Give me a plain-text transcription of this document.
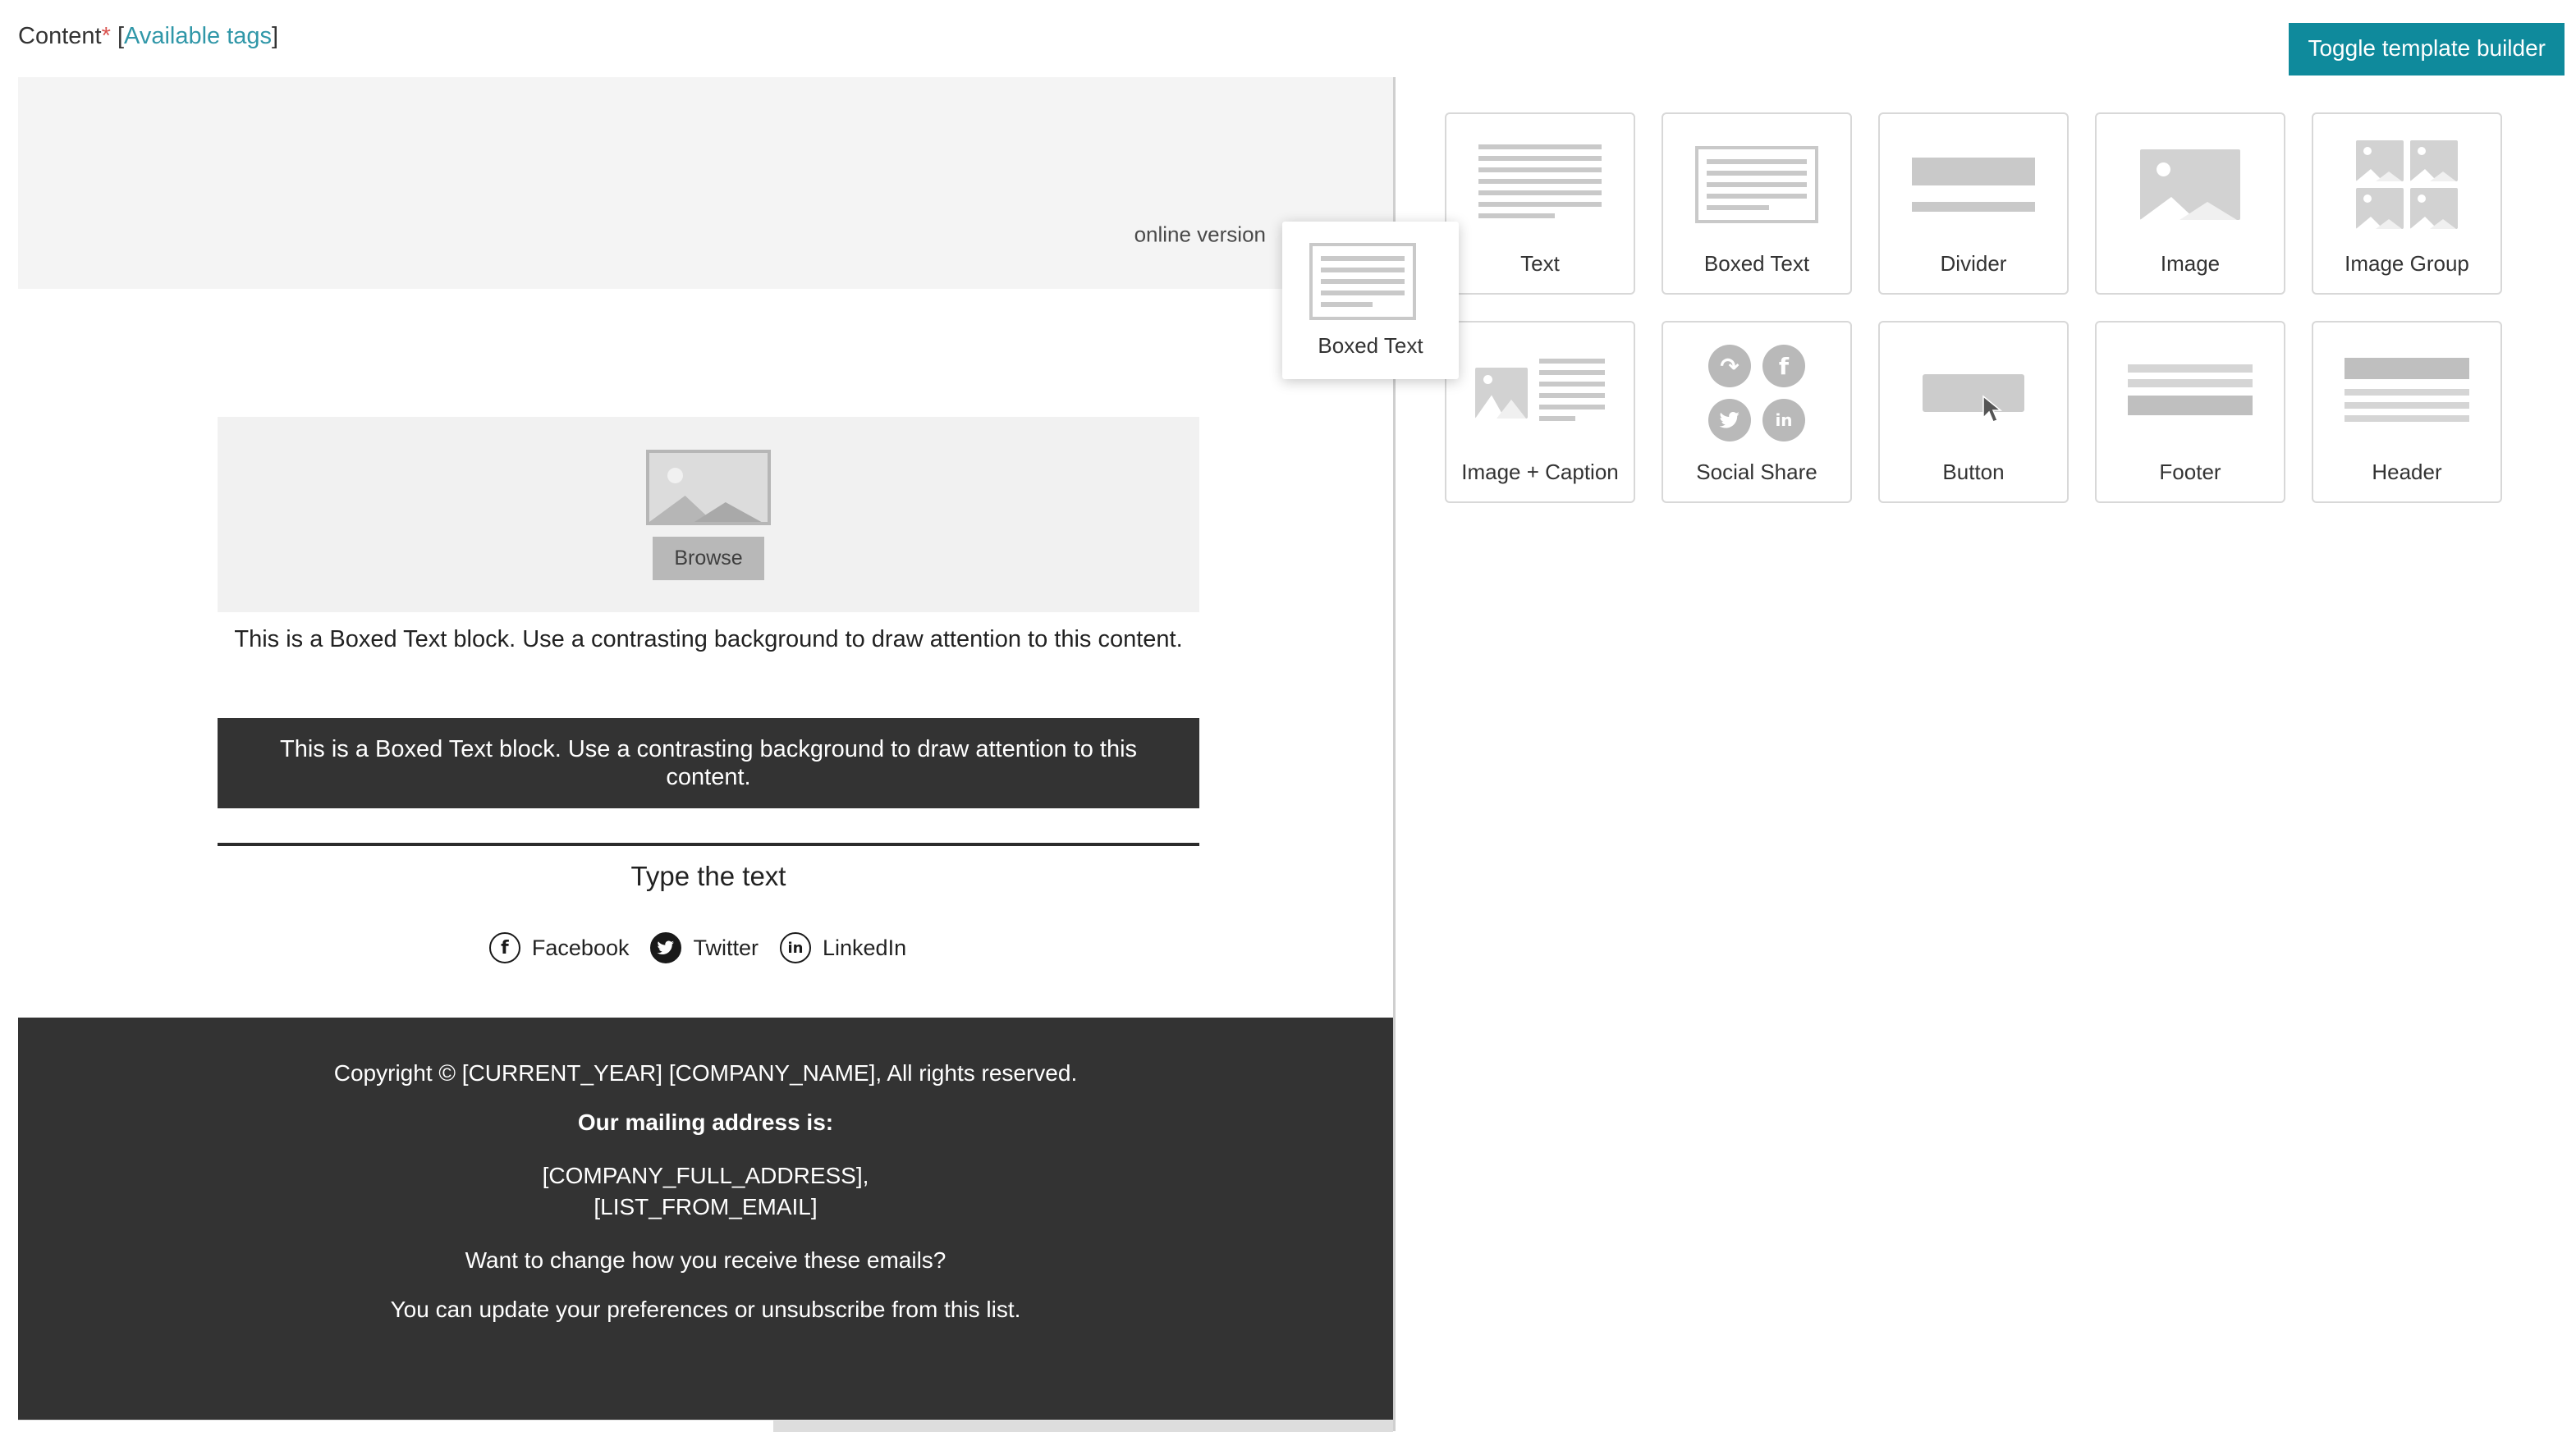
Content* [Available tags]	Toggle template builder
online version
Browse
This is a Boxed Text block. Use a contrasting background to draw attention to this content.
This is a Boxed Text block. Use a contrasting background to draw attention to this content.
Type the text
f	Facebook	Twitter	in LinkedIn

Copyright © [CURRENT_YEAR] [COMPANY_NAME], All rights reserved.

Our mailing address is:

[COMPANY_FULL_ADDRESS],
[LIST_FROM_EMAIL]

Want to change how you receive these emails?

You can update your preferences or unsubscribe from this list.

Text	Boxed Text	Divider	Image	Image Group
Image + Caption
↷	f
in
Social Share	Button	Footer	Header
Boxed Text
